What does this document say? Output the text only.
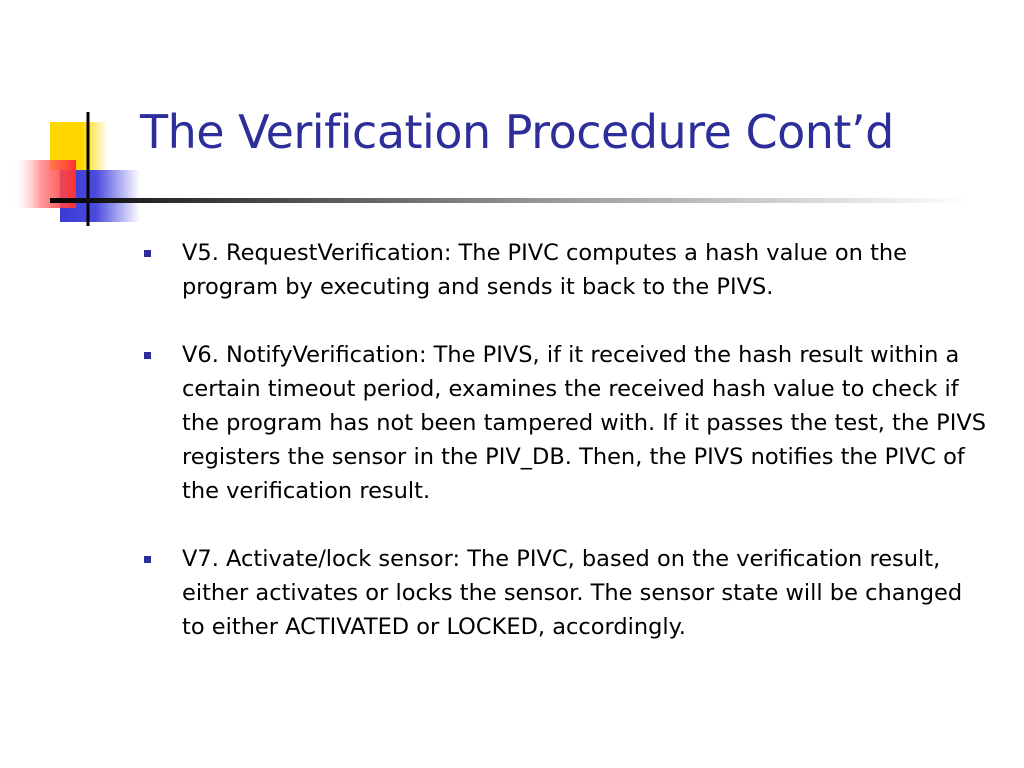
The Verification Procedure Cont’d
V5. RequestVerification: The PIVC computes a hash value on the program by executing and sends it back to the PIVS.
V6. NotifyVerification: The PIVS, if it received the hash result within a certain timeout period, examines the received hash value to check if the program has not been tampered with. If it passes the test, the PIVS registers the sensor in the PIV_DB. Then, the PIVS notifies the PIVC of the verification result.
V7. Activate/lock sensor: The PIVC, based on the verification result, either activates or locks the sensor. The sensor state will be changed to either ACTIVATED or LOCKED, accordingly.
